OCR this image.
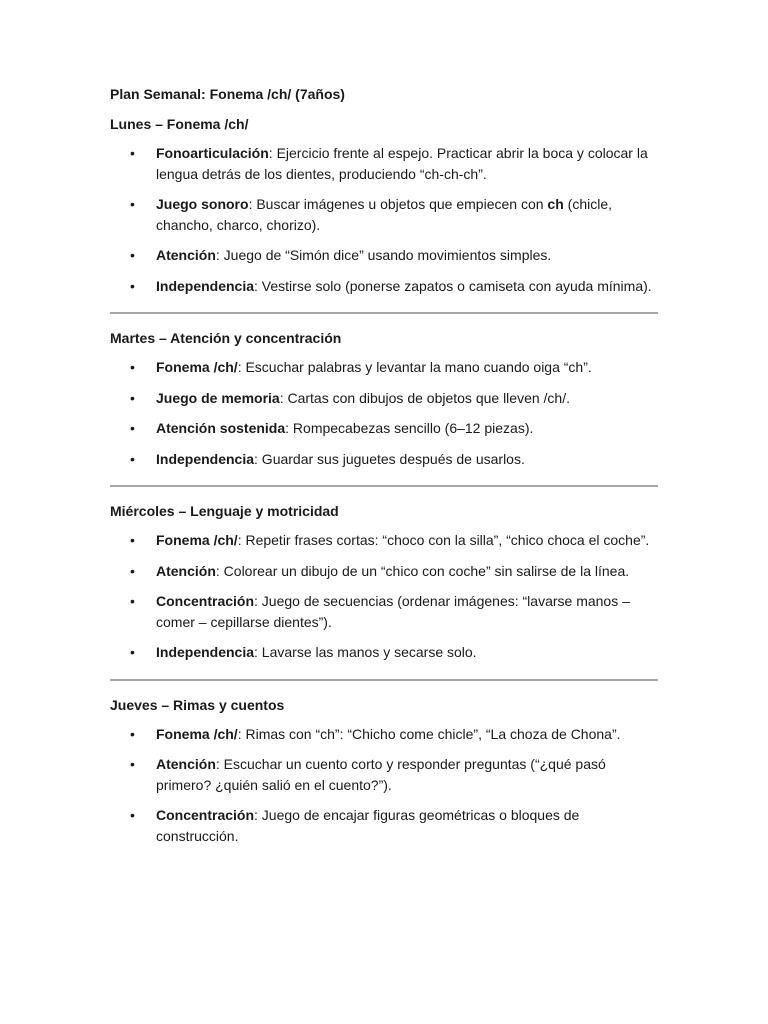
Plan Semanal: Fonema /ch/ (7años)
Lunes – Fonema /ch/
• Fonoarticulación: Ejercicio frente al espejo. Practicar abrir la boca y colocar la lengua detrás de los dientes, produciendo “ch-ch-ch”.
• Juego sonoro: Buscar imágenes u objetos que empiecen con ch (chicle, chancho, charco, chorizo).
• Atención: Juego de “Simón dice” usando movimientos simples.
• Independencia: Vestirse solo (ponerse zapatos o camiseta con ayuda mínima).
Martes – Atención y concentración
• Fonema /ch/: Escuchar palabras y levantar la mano cuando oiga “ch”.
• Juego de memoria: Cartas con dibujos de objetos que lleven /ch/.
• Atención sostenida: Rompecabezas sencillo (6–12 piezas).
• Independencia: Guardar sus juguetes después de usarlos.
Miércoles – Lenguaje y motricidad
• Fonema /ch/: Repetir frases cortas: “choco con la silla”, “chico choca el coche”.
• Atención: Colorear un dibujo de un “chico con coche” sin salirse de la línea.
• Concentración: Juego de secuencias (ordenar imágenes: “lavarse manos – comer – cepillarse dientes”).
• Independencia: Lavarse las manos y secarse solo.
Jueves – Rimas y cuentos
• Fonema /ch/: Rimas con “ch”: “Chicho come chicle”, “La choza de Chona”.
• Atención: Escuchar un cuento corto y responder preguntas (“¿qué pasó primero? ¿quién salió en el cuento?”).
• Concentración: Juego de encajar figuras geométricas o bloques de construcción.
